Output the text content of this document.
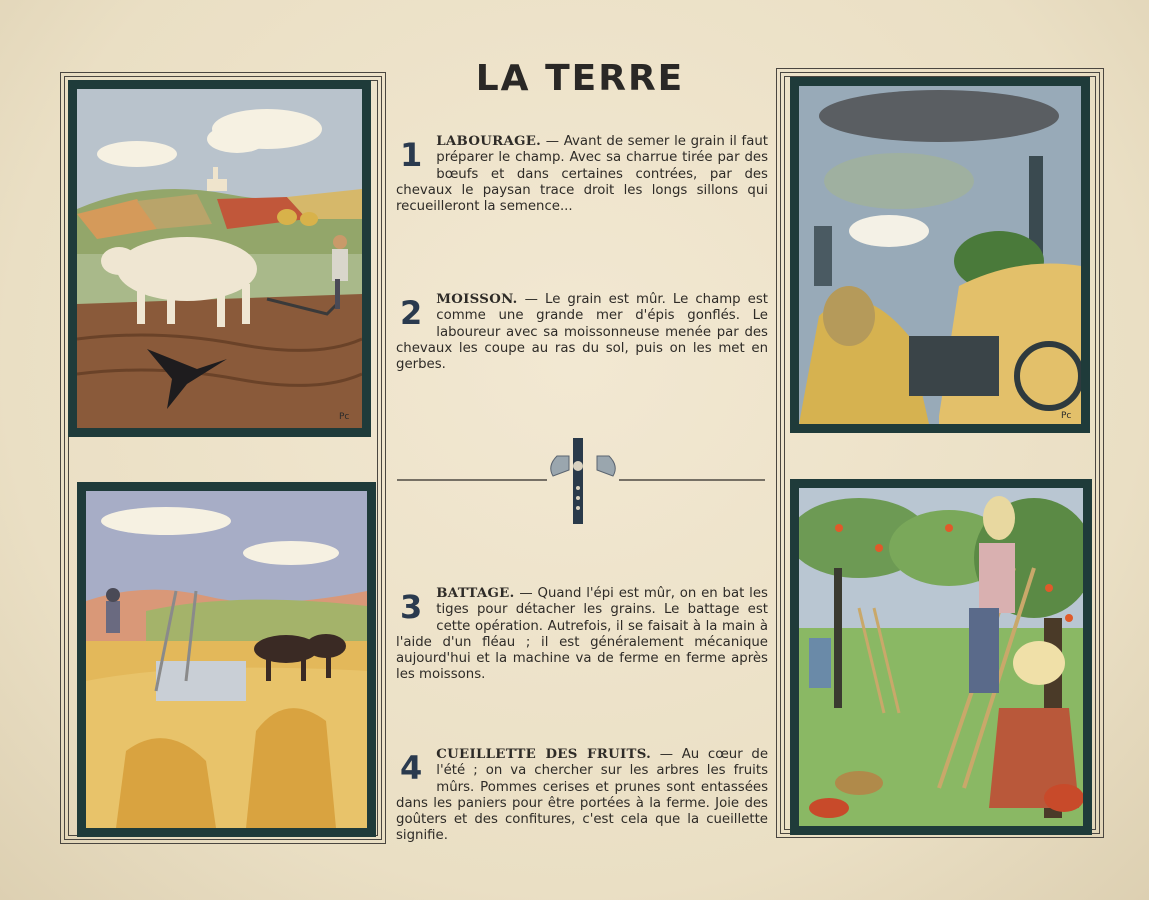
Pc	Pc
LA TERRE
1 LABOURAGE. — Avant de semer le grain il faut préparer le champ. Avec sa charrue tirée par des bœufs et dans certaines contrées, par des chevaux le paysan trace droit les longs sillons qui recueilleront la semence...
2 MOISSON. — Le grain est mûr. Le champ est comme une grande mer d'épis gonflés. Le laboureur avec sa moissonneuse menée par des chevaux les coupe au ras du sol, puis on les met en gerbes.
3 BATTAGE. — Quand l'épi est mûr, on en bat les tiges pour détacher les grains. Le battage est cette opération. Autrefois, il se faisait à la main à l'aide d'un fléau ; il est généralement mécanique aujourd'hui et la machine va de ferme en ferme après les moissons.
4 CUEILLETTE DES FRUITS. — Au cœur de l'été ; on va chercher sur les arbres les fruits mûrs. Pommes cerises et prunes sont entassées dans les paniers pour être portées à la ferme. Joie des goûters et des confitures, c'est cela que la cueillette signifie.
